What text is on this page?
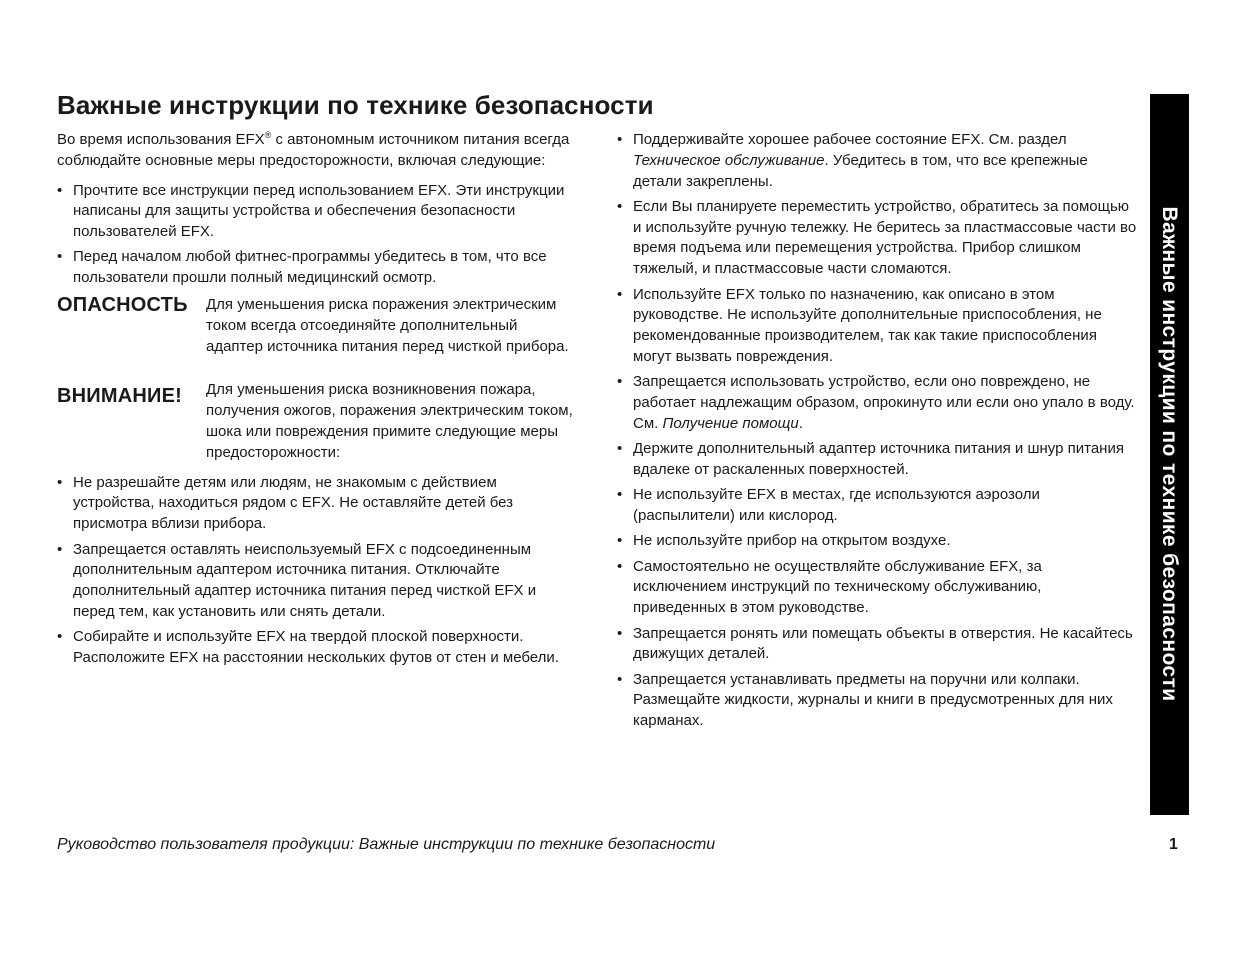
Важные инструкции по технике безопасности

Во время использования EFX® с автономным источником питания всегда соблюдайте основные меры предосторожности, включая следующие:

• Прочтите все инструкции перед использованием EFX. Эти инструкции написаны для защиты устройства и обеспечения безопасности пользователей EFX.
• Перед началом любой фитнес-программы убедитесь в том, что все пользователи прошли полный медицинский осмотр.
ОПАСНОСТЬ	Для уменьшения риска поражения электрическим током всегда отсоединяйте дополнительный адаптер источника питания перед чисткой прибора.
ВНИМАНИЕ!	Для уменьшения риска возникновения пожара, получения ожогов, поражения электрическим током, шока или повреждения примите следующие меры предосторожности:
• Не разрешайте детям или людям, не знакомым с действием устройства, находиться рядом с EFX. Не оставляйте детей без присмотра вблизи прибора.
• Запрещается оставлять неиспользуемый EFX с подсоединенным дополнительным адаптером источника питания. Отключайте дополнительный адаптер источника питания перед чисткой EFX и перед тем, как установить или снять детали.
• Собирайте и используйте EFX на твердой плоской поверхности. Расположите EFX на расстоянии нескольких футов от стен и мебели.
• Поддерживайте хорошее рабочее состояние EFX. См. раздел Техническое обслуживание. Убедитесь в том, что все крепежные детали закреплены.
• Если Вы планируете переместить устройство, обратитесь за помощью и используйте ручную тележку. Не беритесь за пластмассовые части во время подъема или перемещения устройства. Прибор слишком тяжелый, и пластмассовые части сломаются.
• Используйте EFX только по назначению, как описано в этом руководстве. Не используйте дополнительные приспособления, не рекомендованные производителем, так как такие приспособления могут вызвать повреждения.
• Запрещается использовать устройство, если оно повреждено, не работает надлежащим образом, опрокинуто или если оно упало в воду. См. Получение помощи.
• Держите дополнительный адаптер источника питания и шнур питания вдалеке от раскаленных поверхностей.
• Не используйте EFX в местах, где используются аэрозоли (распылители) или кислород.
• Не используйте прибор на открытом воздухе.
• Самостоятельно не осуществляйте обслуживание EFX, за исключением инструкций по техническому обслуживанию, приведенных в этом руководстве.
• Запрещается ронять или помещать объекты в отверстия. Не касайтесь движущих деталей.
• Запрещается устанавливать предметы на поручни или колпаки. Размещайте жидкости, журналы и книги в предусмотренных для них карманах.
Важные инструкции по технике безопасности
Руководство пользователя продукции: Важные инструкции по технике безопасности	1
